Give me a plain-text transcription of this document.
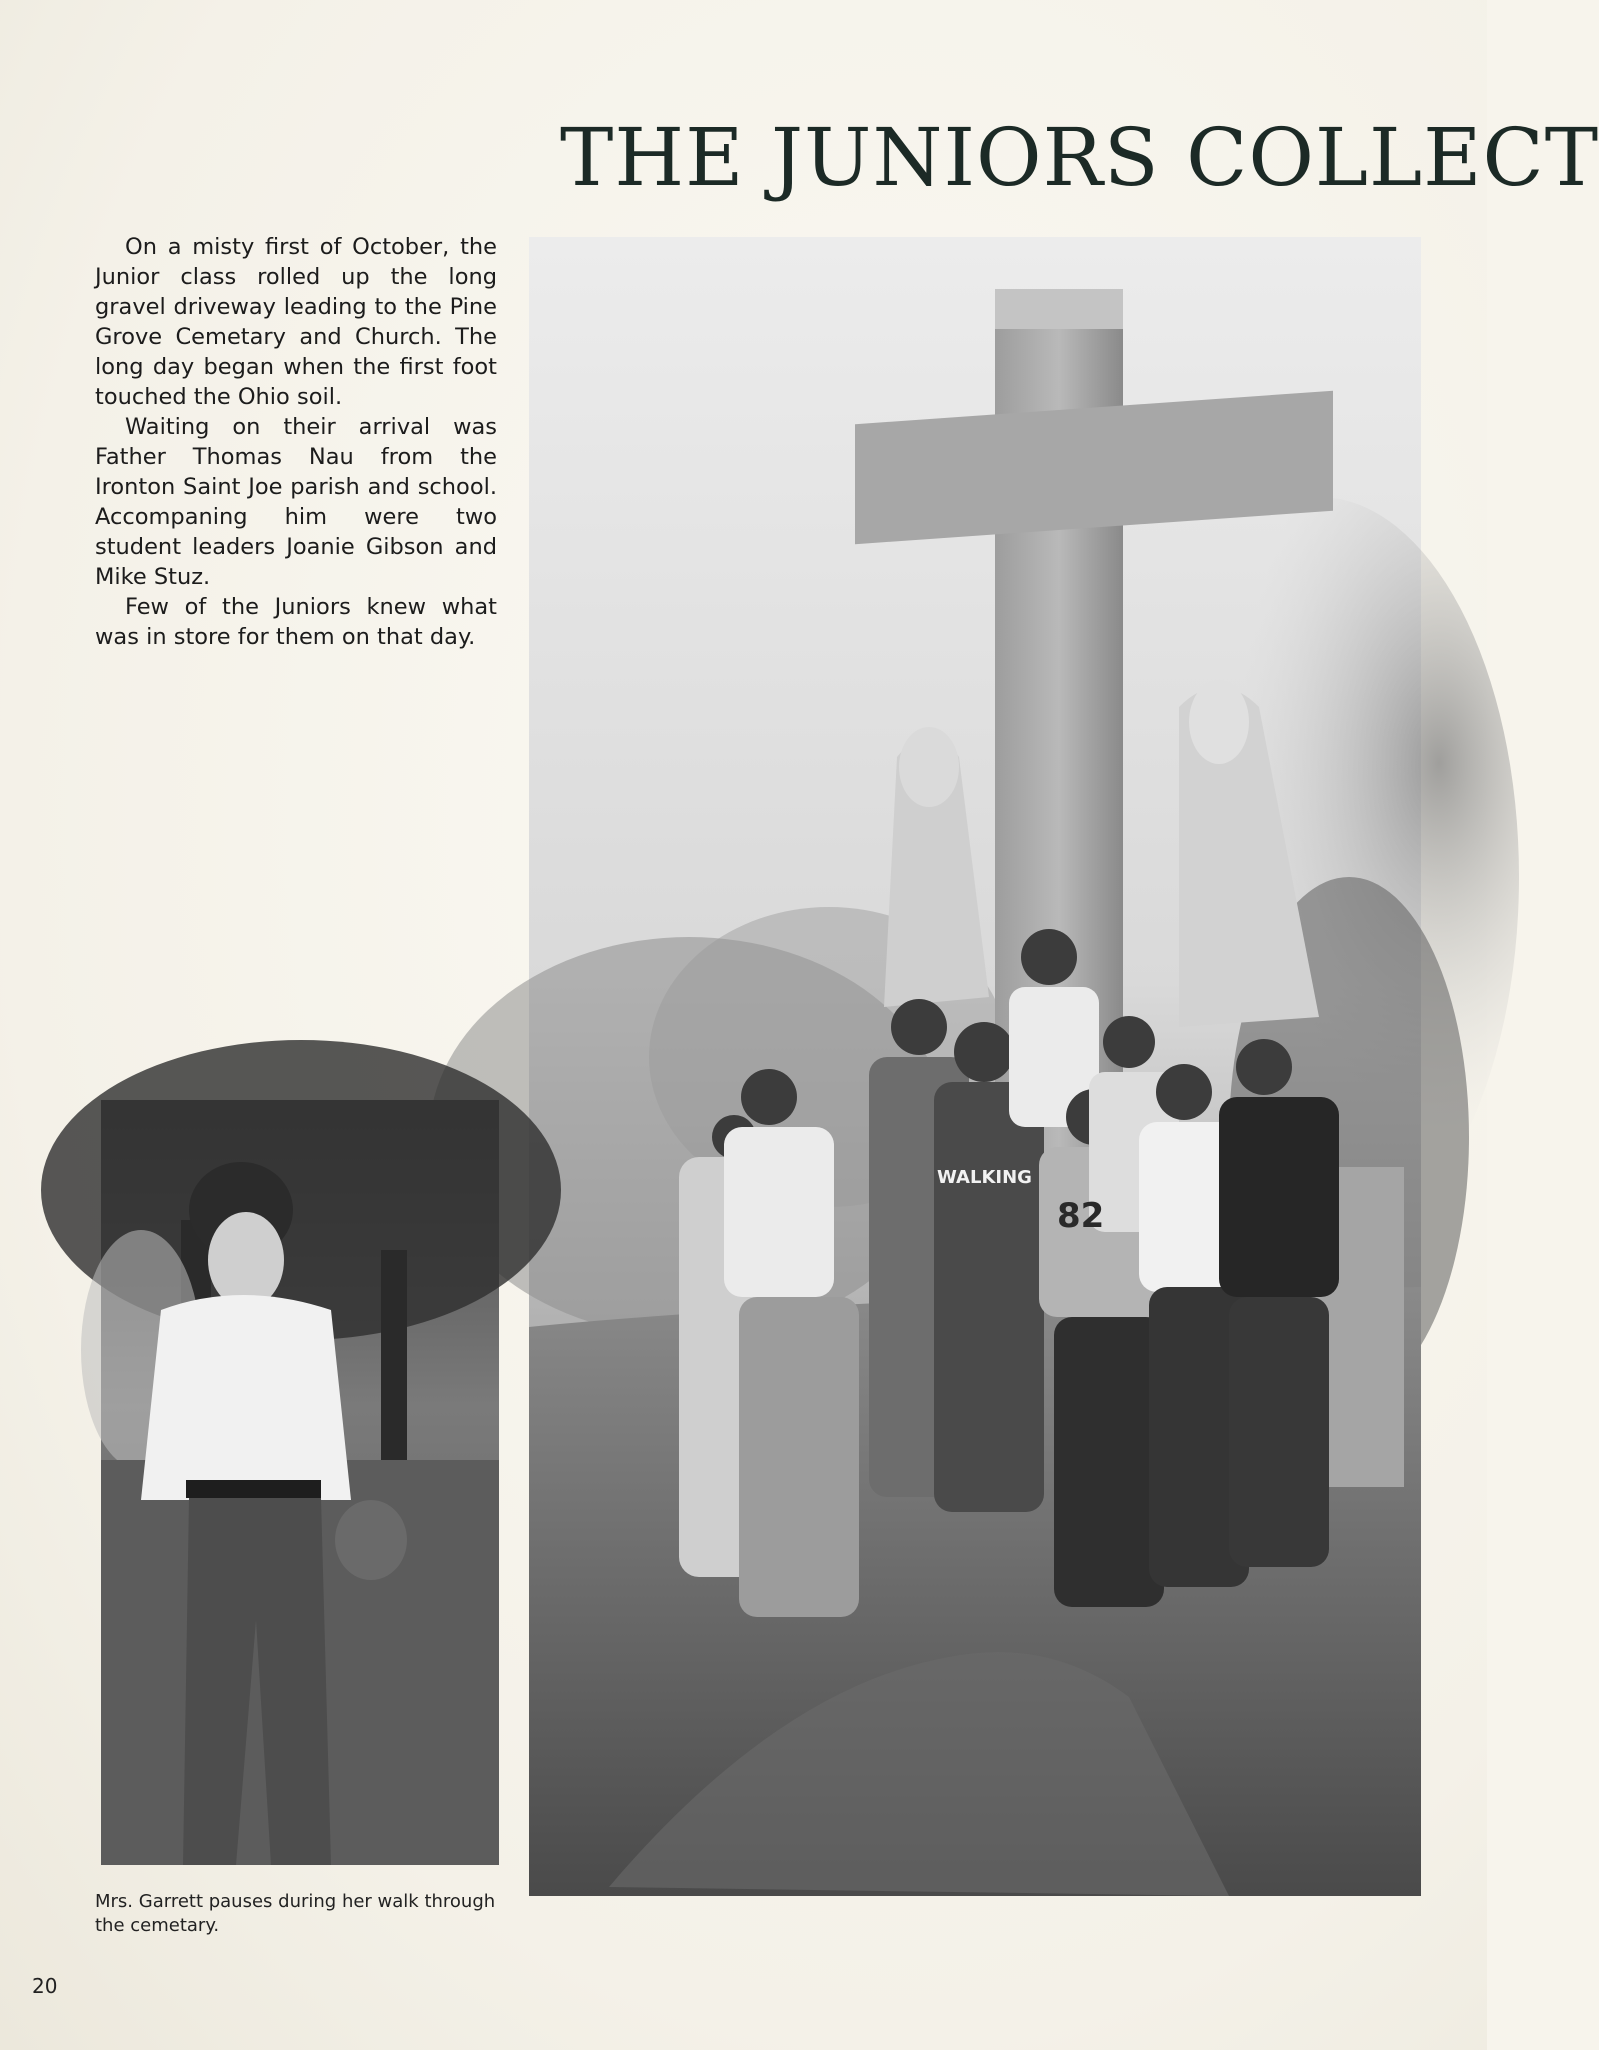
THE JUNIORS COLLECT

On a misty first of October, the Junior class rolled up the long gravel driveway leading to the Pine Grove Cemetary and Church. The long day began when the first foot touched the Ohio soil.

Waiting on their arrival was Father Thomas Nau from the Ironton Saint Joe parish and school. Accompaning him were two student leaders Joanie Gibson and Mike Stuz.

Few of the Juniors knew what was in store for them on that day.

WALKING
82
Mrs. Garrett pauses during her walk through the cemetary.
20
